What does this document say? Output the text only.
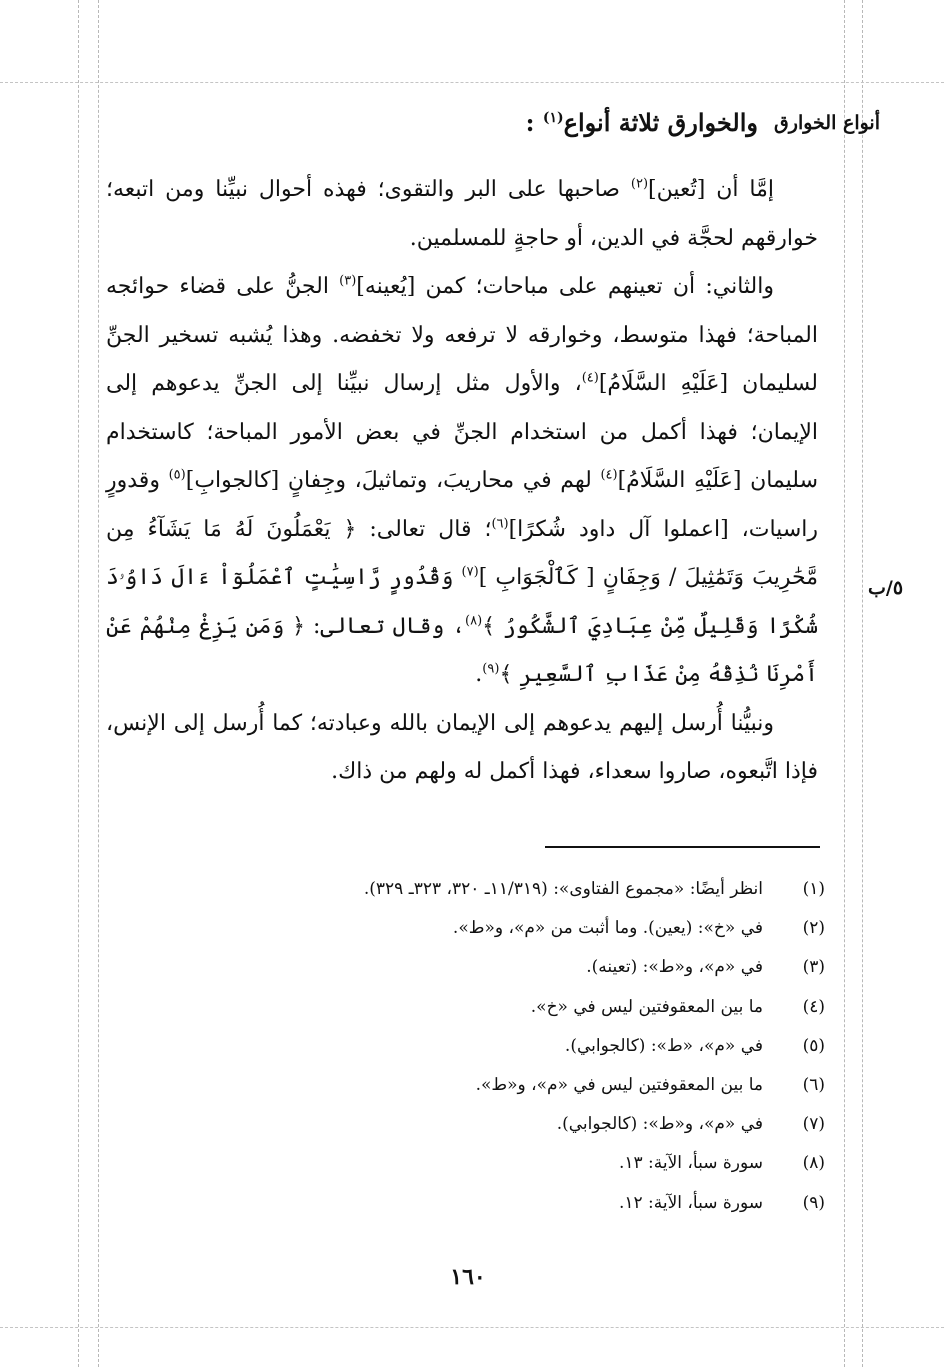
أنواع الخوارق
والخوارق ثلاثة أنواع$^{(١)}$ :
٥/ب

إمَّا أن [تُعين]$^{(٢)}$ صاحبها على البر والتقوى؛ فهذه أحوال نبيِّنا ومن اتبعه؛ خوارقهم لحجَّة في الدين، أو حاجةٍ للمسلمين.

والثاني: أن تعينهم على مباحات؛ كمن [يُعينه]$^{(٣)}$ الجنُّ على قضاء حوائجه المباحة؛ فهذا متوسط، وخوارقه لا ترفعه ولا تخفضه. وهذا يُشبه تسخير الجنِّ لسليمان [عَلَيْهِ السَّلَامُ]$^{(٤)}$، والأول مثل إرسال نبيِّنا إلى الجنِّ يدعوهم إلى الإيمان؛ فهذا أكمل من استخدام الجنِّ في بعض الأمور المباحة؛ كاستخدام سليمان [عَلَيْهِ السَّلَامُ]$^{(٤)}$ لهم في محاريبَ، وتماثيلَ، وجِفانٍ [كالجوابِ]$^{(٥)}$ وقدورٍ راسيات، [اعملوا آل داود شُكرًا]$^{(٦)}$؛ قال تعالى: ﴿ يَعْمَلُونَ لَهُ مَا يَشَآءُ مِن مَّحَٰرِيبَ وَتَمَٰثِيلَ / وَجِفَانٍ [ كَٱلْجَوَابِ ]$^{(٧)}$ وَقُدُورٍ رَّاسِيَٰتٍ ٱعْمَلُوٓاْ ءَالَ دَاوُۥدَ شُكْرًا وَقَلِيلٌ مِّنْ عِبَادِيَ ٱلشَّكُورُ ﴾$^{(٨)}$، وقال تعالى: ﴿ وَمَن يَزِغْ مِنْهُمْ عَنْ أَمْرِنَا نُذِقْهُ مِنْ عَذَابِ ٱلسَّعِيرِ ﴾$^{(٩)}$.

ونبيُّنا أُرسل إليهم يدعوهم إلى الإيمان بالله وعبادته؛ كما أُرسل إلى الإنس، فإذا اتَّبعوه، صاروا سعداء، فهذا أكمل له ولهم من ذاك.

(١)
انظر أيضًا: «مجموع الفتاوى»: (١١/٣١٩ـ ٣٢٠، ٣٢٣ـ ٣٢٩).
(٢)
في «خ»: (يعين). وما أثبت من «م»، و«ط».
(٣)
في «م»، و«ط»: (تعينه).
(٤)
ما بين المعقوفتين ليس في «خ».
(٥)
في «م»، «ط»: (كالجوابي).
(٦)
ما بين المعقوفتين ليس في «م»، و«ط».
(٧)
في «م»، و«ط»: (كالجوابي).
(٨)
سورة سبأ، الآية: ١٣.
(٩)
سورة سبأ، الآية: ١٢.
١٦٠
